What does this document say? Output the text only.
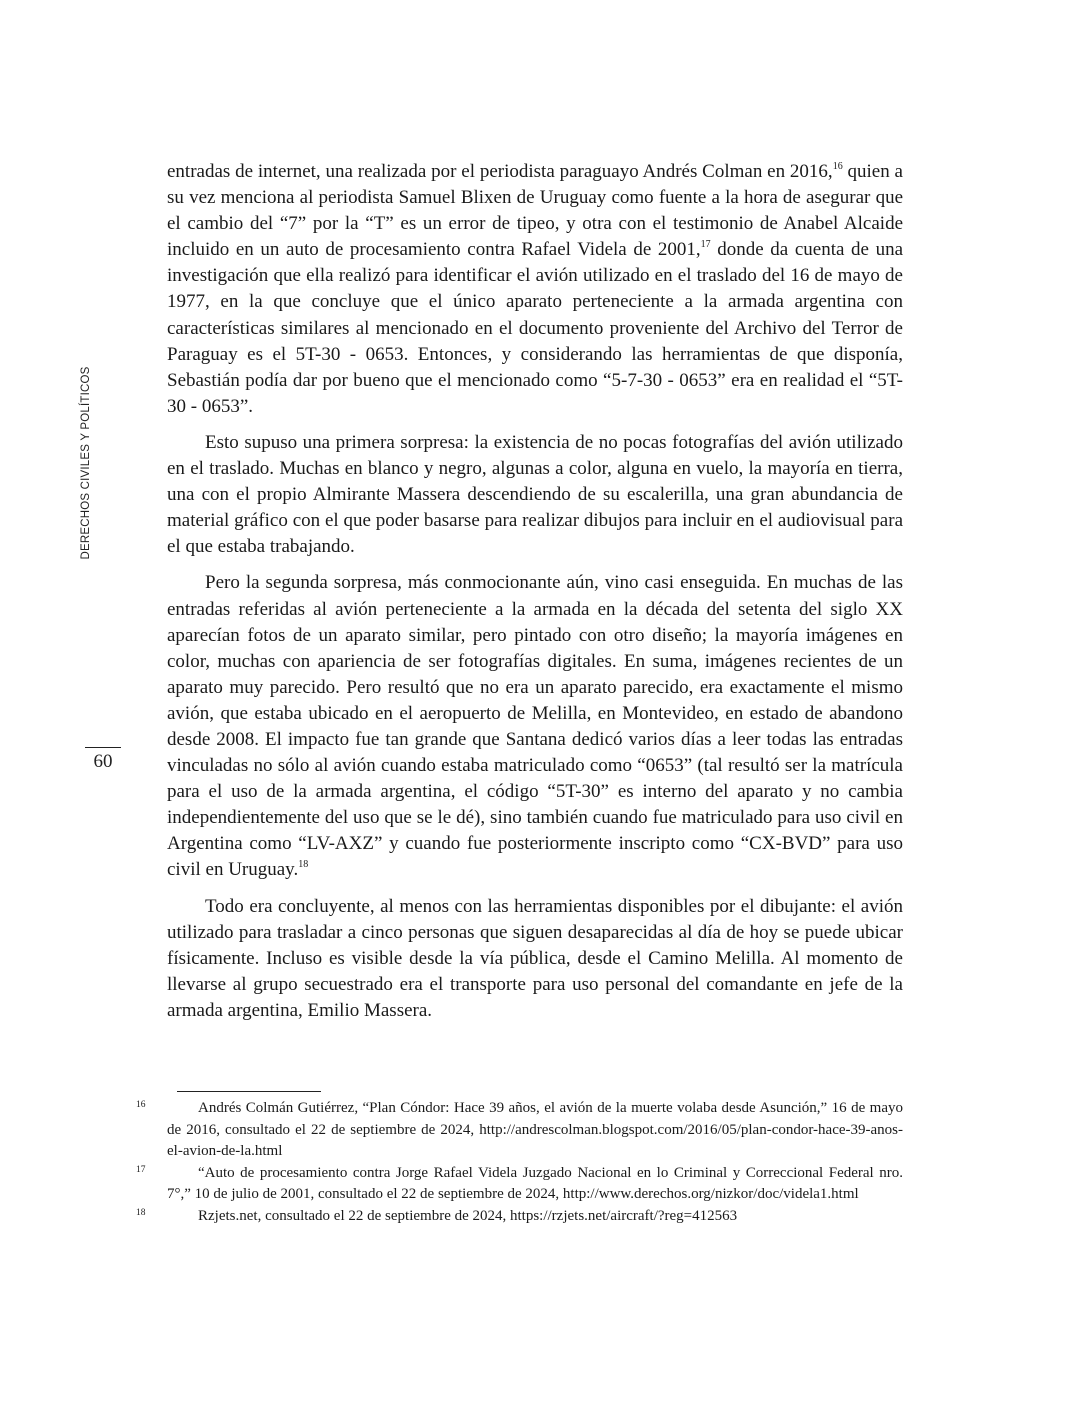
DERECHOS CIVILES Y POLÍTICOS
60

entradas de internet, una realizada por el periodista paraguayo Andrés Colman en 2016,16 quien a su vez menciona al periodista Samuel Blixen de Uruguay como fuente a la hora de asegurar que el cambio del “7” por la “T” es un error de tipeo, y otra con el testimonio de Anabel Alcaide incluido en un auto de procesamiento contra Rafael Videla de 2001,17 donde da cuenta de una investigación que ella realizó para identificar el avión utilizado en el traslado del 16 de mayo de 1977, en la que concluye que el único aparato perteneciente a la armada argentina con características similares al mencionado en el documento proveniente del Archivo del Terror de Paraguay es el 5T-30 - 0653. Entonces, y considerando las herramientas de que disponía, Sebastián podía dar por bueno que el mencionado como “5-7-30 - 0653” era en realidad el “5T-30 - 0653”.

Esto supuso una primera sorpresa: la existencia de no pocas fotografías del avión utilizado en el traslado. Muchas en blanco y negro, algunas a color, alguna en vuelo, la mayoría en tierra, una con el propio Almirante Massera descendiendo de su escalerilla, una gran abundancia de material gráfico con el que poder basarse para realizar dibujos para incluir en el audiovisual para el que estaba trabajando.

Pero la segunda sorpresa, más conmocionante aún, vino casi enseguida. En muchas de las entradas referidas al avión perteneciente a la armada en la década del setenta del siglo XX aparecían fotos de un aparato similar, pero pintado con otro diseño; la mayoría imágenes en color, muchas con apariencia de ser fotografías digitales. En suma, imágenes recientes de un aparato muy parecido. Pero resultó que no era un aparato parecido, era exactamente el mismo avión, que estaba ubicado en el aeropuerto de Melilla, en Montevideo, en estado de abandono desde 2008. El impacto fue tan grande que Santana dedicó varios días a leer todas las entradas vinculadas no sólo al avión cuando estaba matriculado como “0653” (tal resultó ser la matrícula para el uso de la armada argentina, el código “5T-30” es interno del aparato y no cambia independientemente del uso que se le dé), sino también cuando fue matriculado para uso civil en Argentina como “LV-AXZ” y cuando fue posteriormente inscripto como “CX-BVD” para uso civil en Uruguay.$^{18}$

Todo era concluyente, al menos con las herramientas disponibles por el dibujante: el avión utilizado para trasladar a cinco personas que siguen desaparecidas al día de hoy se puede ubicar físicamente. Incluso es visible desde la vía pública, desde el Camino Melilla. Al momento de llevarse al grupo secuestrado era el transporte para uso personal del comandante en jefe de la armada argentina, Emilio Massera.

16	Andrés Colmán Gutiérrez, “Plan Cóndor: Hace 39 años, el avión de la muerte volaba desde Asunción,” 16 de mayo de 2016, consultado el 22 de septiembre de 2024, http://andrescolman.blogspot.com/2016/05/plan-condor-hace-39-anos-el-avion-de-la.html

17	“Auto de procesamiento contra Jorge Rafael Videla Juzgado Nacional en lo Criminal y Correccional Federal nro. 7°,” 10 de julio de 2001, consultado el 22 de septiembre de 2024, http://www.derechos.org/nizkor/doc/videla1.html

18	Rzjets.net, consultado el 22 de septiembre de 2024, https://rzjets.net/aircraft/?reg=412563
